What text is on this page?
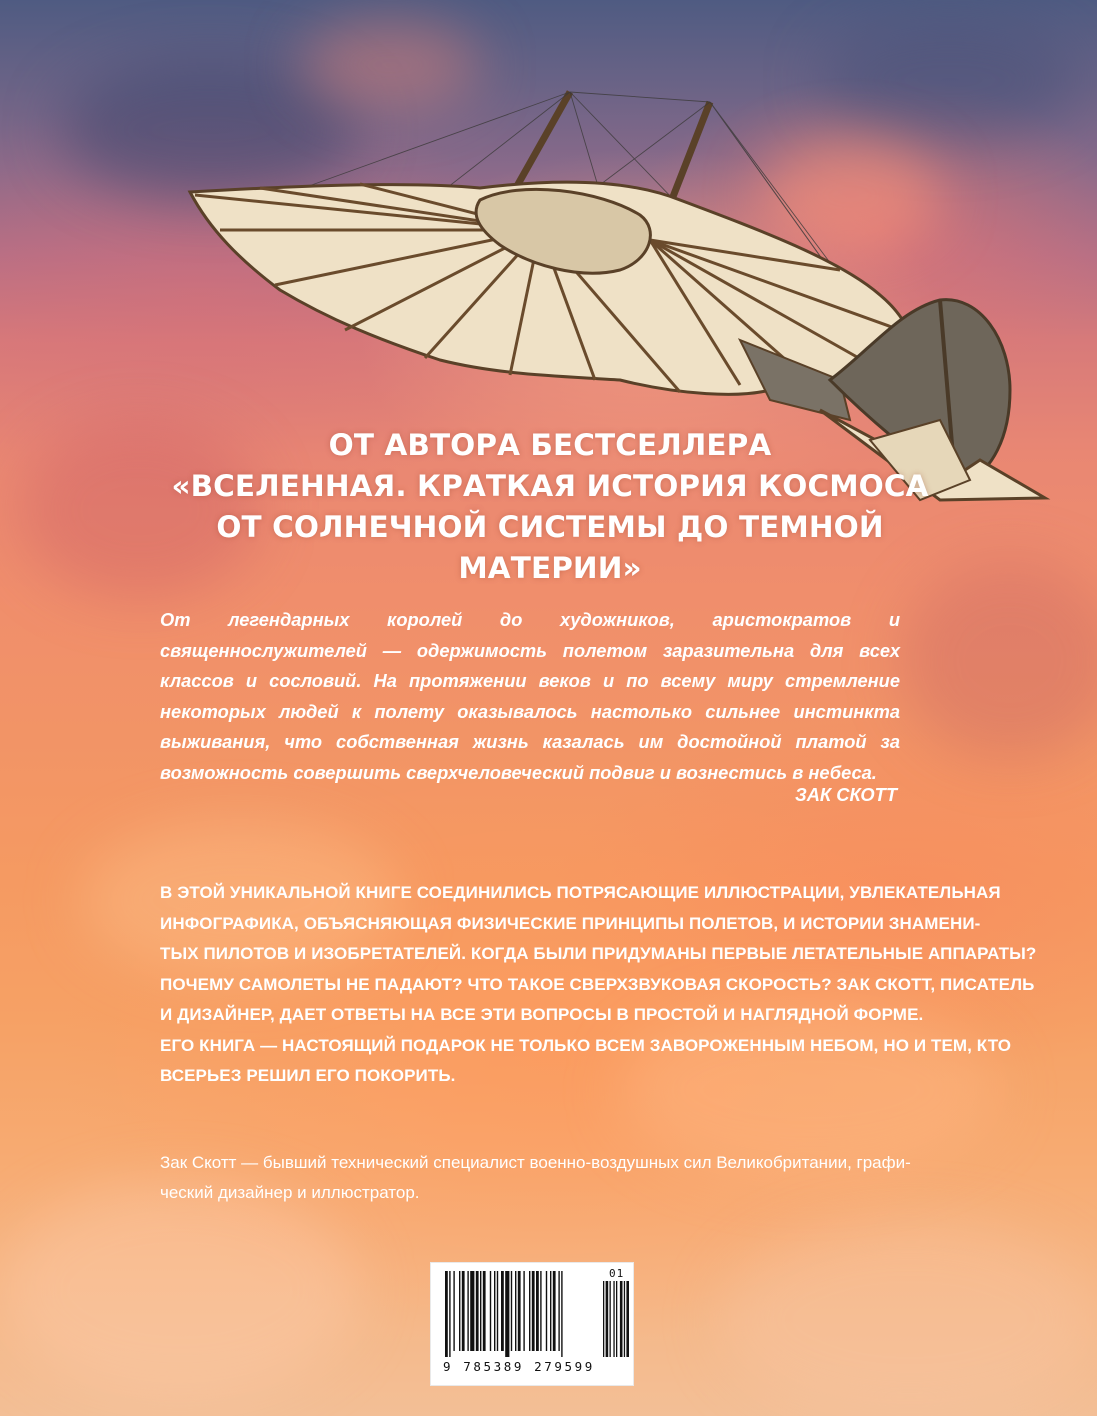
ОТ АВТОРА БЕСТСЕЛЛЕРА
«ВСЕЛЕННАЯ. КРАТКАЯ ИСТОРИЯ КОСМОСА
ОТ СОЛНЕЧНОЙ СИСТЕМЫ ДО ТЕМНОЙ
МАТЕРИИ»
От легендарных королей до художников, аристократов и священнослужителей — одержимость полетом заразительна для всех классов и сословий. На протяжении веков и по всему миру стремление некоторых людей к полету оказывалось настолько сильнее инстинкта выживания, что собственная жизнь казалась им достойной платой за возможность совершить сверхчеловеческий подвиг и вознестись в небеса.
ЗАК СКОТТ
В ЭТОЙ УНИКАЛЬНОЙ КНИГЕ СОЕДИНИЛИСЬ ПОТРЯСАЮЩИЕ ИЛЛЮСТРАЦИИ, УВЛЕКАТЕЛЬНАЯ
ИНФОГРАФИКА, ОБЪЯСНЯЮЩАЯ ФИЗИЧЕСКИЕ ПРИНЦИПЫ ПОЛЕТОВ, И ИСТОРИИ ЗНАМЕНИ-
ТЫХ ПИЛОТОВ И ИЗОБРЕТАТЕЛЕЙ. КОГДА БЫЛИ ПРИДУМАНЫ ПЕРВЫЕ ЛЕТАТЕЛЬНЫЕ АППАРАТЫ?
ПОЧЕМУ САМОЛЕТЫ НЕ ПАДАЮТ? ЧТО ТАКОЕ СВЕРХЗВУКОВАЯ СКОРОСТЬ? ЗАК СКОТТ, ПИСАТЕЛЬ
И ДИЗАЙНЕР, ДАЕТ ОТВЕТЫ НА ВСЕ ЭТИ ВОПРОСЫ В ПРОСТОЙ И НАГЛЯДНОЙ ФОРМЕ.
ЕГО КНИГА — НАСТОЯЩИЙ ПОДАРОК НЕ ТОЛЬКО ВСЕМ ЗАВОРОЖЕННЫМ НЕБОМ, НО И ТЕМ, КТО
ВСЕРЬЕЗ РЕШИЛ ЕГО ПОКОРИТЬ.
Зак Скотт — бывший технический специалист военно-воздушных сил Великобритании, графи-
ческий дизайнер и иллюстратор.
9 785389 279599
01
